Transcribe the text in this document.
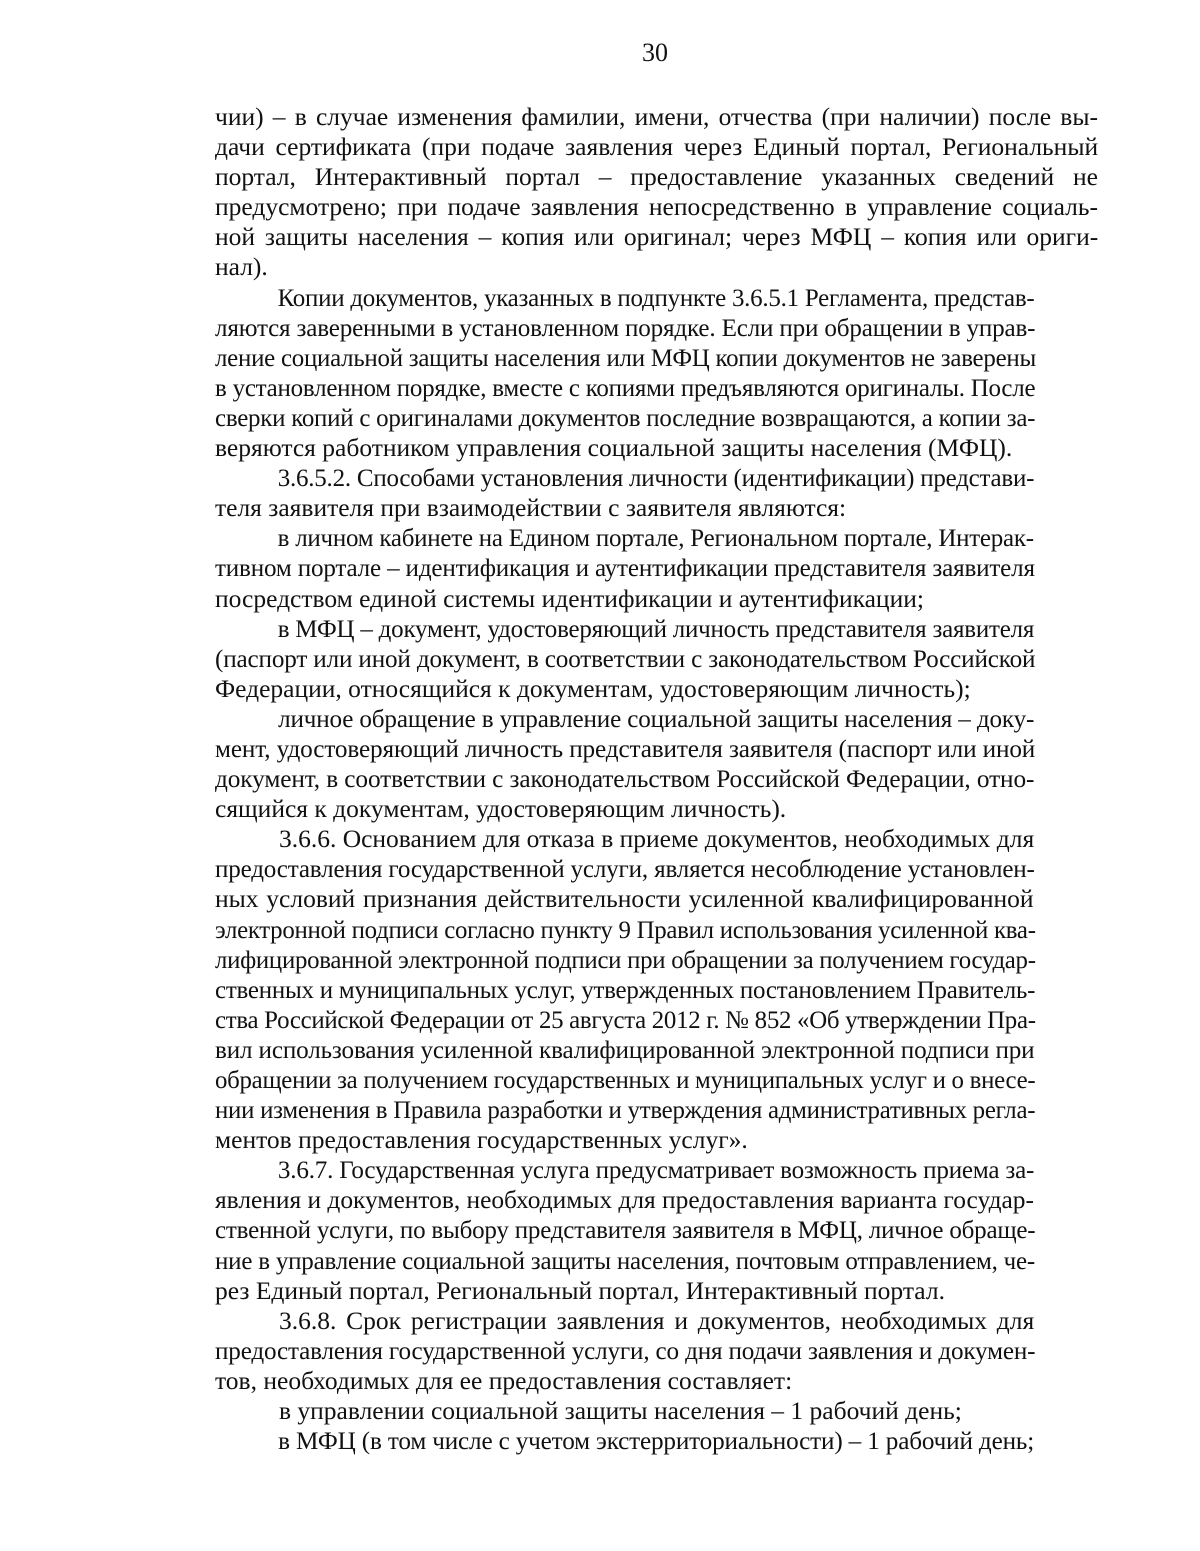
30

чии) – в случае изменения фамилии, имени, отчества (при наличии) после вы-
дачи сертификата (при подаче заявления через Единый портал, Региональный
портал, Интерактивный портал – предоставление указанных сведений не
предусмотрено; при подаче заявления непосредственно в управление социаль-
ной защиты населения – копия или оригинал; через МФЦ – копия или ориги-
нал).

Копии документов, указанных в подпункте 3.6.5.1 Регламента, представ-
ляются заверенными в установленном порядке. Если при обращении в управ-
ление социальной защиты населения или МФЦ копии документов не заверены
в установленном порядке, вместе с копиями предъявляются оригиналы. После
сверки копий с оригиналами документов последние возвращаются, а копии за-
веряются работником управления социальной защиты населения (МФЦ).

3.6.5.2. Способами установления личности (идентификации) представи-
теля заявителя при взаимодействии с заявителя являются:

в личном кабинете на Едином портале, Региональном портале, Интерак-
тивном портале – идентификация и аутентификации представителя заявителя
посредством единой системы идентификации и аутентификации;

в МФЦ – документ, удостоверяющий личность представителя заявителя
(паспорт или иной документ, в соответствии с законодательством Российской
Федерации, относящийся к документам, удостоверяющим личность);

личное обращение в управление социальной защиты населения – доку-
мент, удостоверяющий личность представителя заявителя (паспорт или иной
документ, в соответствии с законодательством Российской Федерации, отно-
сящийся к документам, удостоверяющим личность).

3.6.6. Основанием для отказа в приеме документов, необходимых для
предоставления государственной услуги, является несоблюдение установлен-
ных условий признания действительности усиленной квалифицированной
электронной подписи согласно пункту 9 Правил использования усиленной ква-
лифицированной электронной подписи при обращении за получением государ-
ственных и муниципальных услуг, утвержденных постановлением Правитель-
ства Российской Федерации от 25 августа 2012 г. № 852 «Об утверждении Пра-
вил использования усиленной квалифицированной электронной подписи при
обращении за получением государственных и муниципальных услуг и о внесе-
нии изменения в Правила разработки и утверждения административных регла-
ментов предоставления государственных услуг».

3.6.7. Государственная услуга предусматривает возможность приема за-
явления и документов, необходимых для предоставления варианта государ-
ственной услуги, по выбору представителя заявителя в МФЦ, личное обраще-
ние в управление социальной защиты населения, почтовым отправлением, че-
рез Единый портал, Региональный портал, Интерактивный портал.

3.6.8. Срок регистрации заявления и документов, необходимых для
предоставления государственной услуги, со дня подачи заявления и докумен-
тов, необходимых для ее предоставления составляет:

в управлении социальной защиты населения – 1 рабочий день;

в МФЦ (в том числе с учетом экстерриториальности) – 1 рабочий день;
